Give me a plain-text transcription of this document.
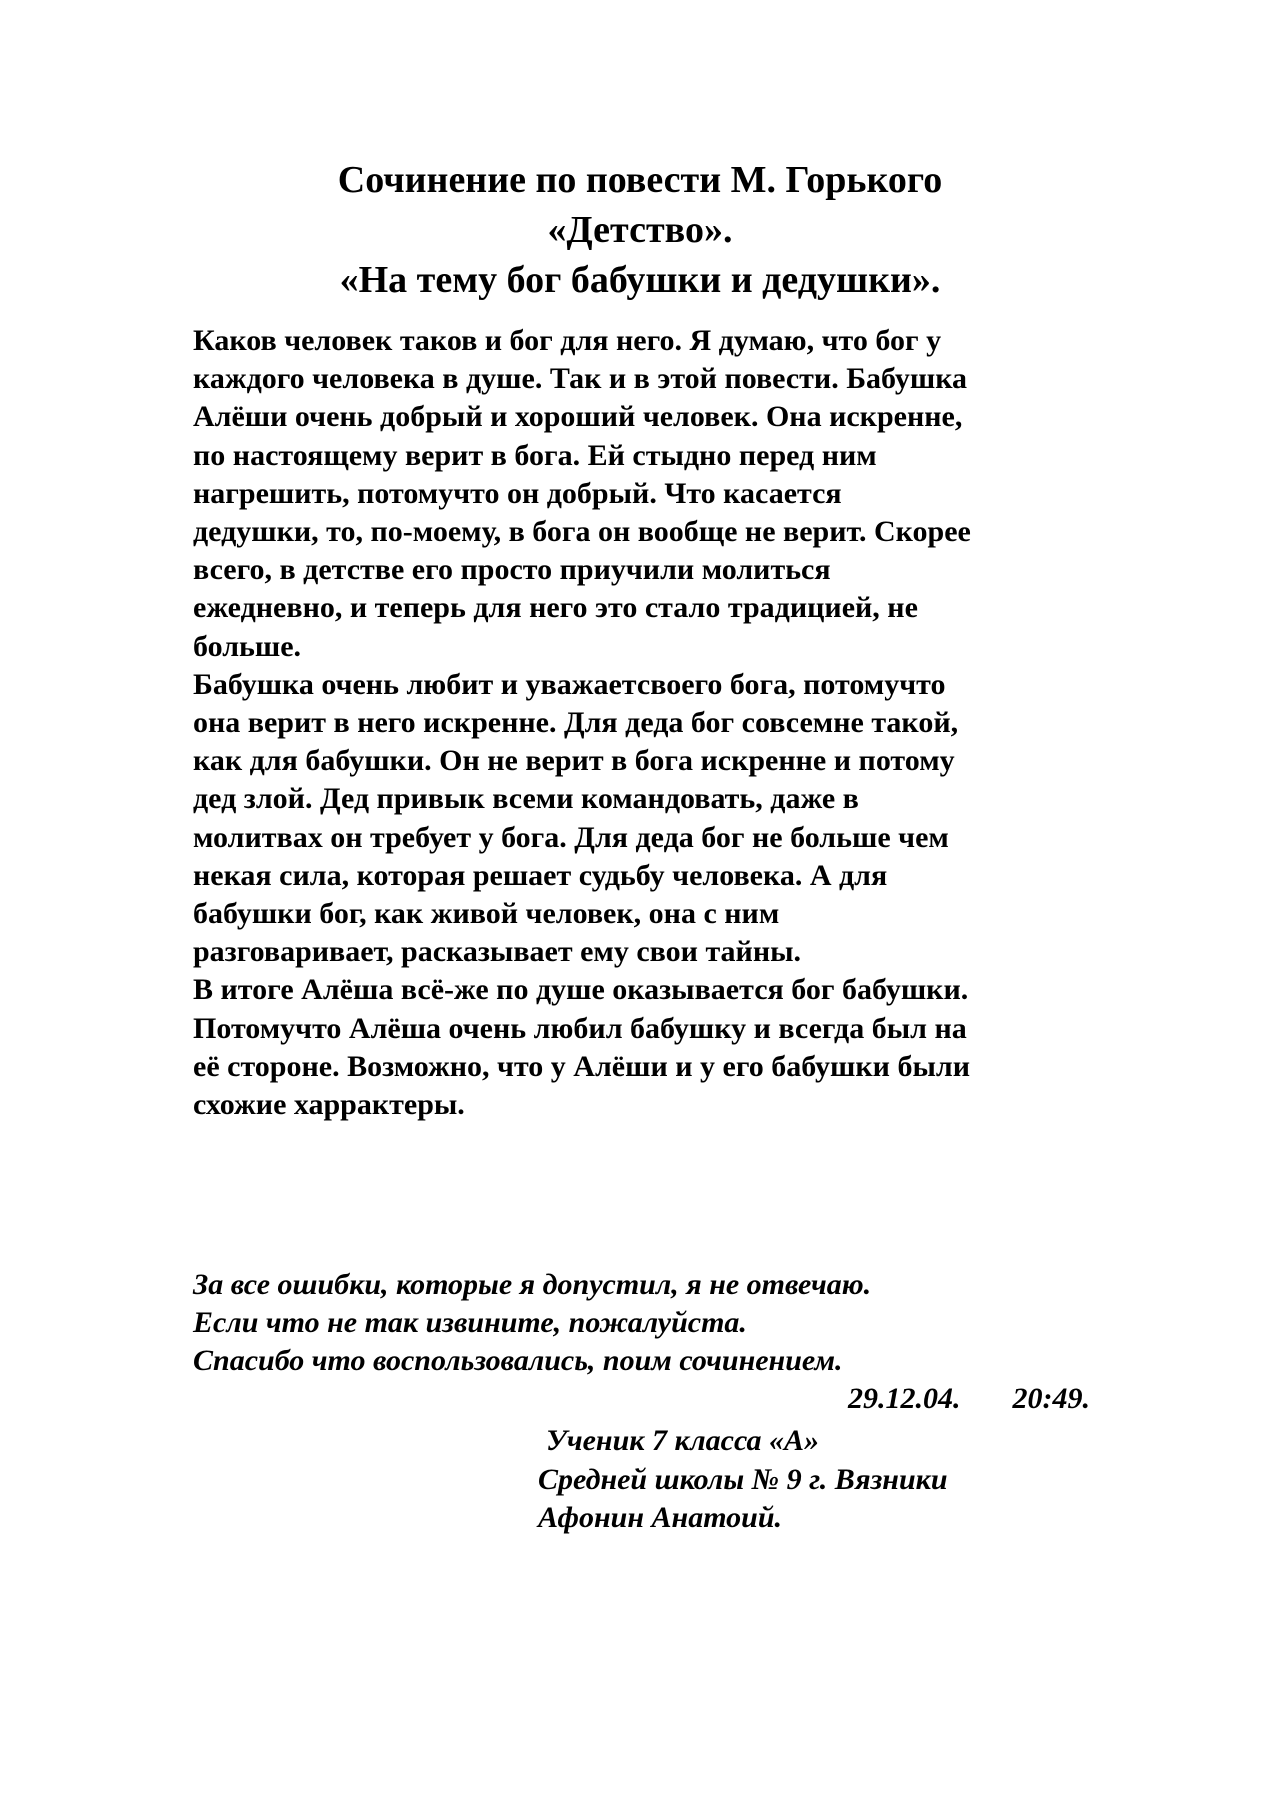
Сочинение по повести М. Горького
«Детство».
«На тему бог бабушки и дедушки».
Каков человек таков и бог для него. Я думаю, что бог у
каждого человека в душе. Так и в этой повести. Бабушка
Алёши очень добрый и хороший человек. Она искренне,
по настоящему верит в бога. Ей стыдно перед ним
нагрешить, потомучто он добрый. Что касается
дедушки, то, по-моему, в бога он вообще не верит. Скорее
всего, в детстве его просто приучили молиться
ежедневно, и теперь для него это стало традицией, не
больше.
Бабушка очень любит и уважаетсвоего бога, потомучто
она верит в него искренне. Для деда бог совсемне такой,
как для бабушки. Он не верит в бога искренне и потому
дед злой. Дед привык всеми командовать, даже в
молитвах он требует у бога. Для деда бог не больше чем
некая сила, которая решает судьбу человека. А для
бабушки бог, как живой человек, она с ним
разговаривает, расказывает ему свои тайны.
В итоге Алёша всё-же по душе оказывается бог бабушки.
Потомучто Алёша очень любил бабушку и всегда был на
её стороне. Возможно, что у Алёши и у его бабушки были
схожие харрактеры.
За все ошибки, которые я допустил, я не отвечаю.
Если что не так извините, пожалуйста.
Спасибо что воспользовались, поим сочинением.
29.12.04. 20:49.
Ученик 7 класса «А»
Средней школы № 9 г. Вязники
Афонин Анатоий.
